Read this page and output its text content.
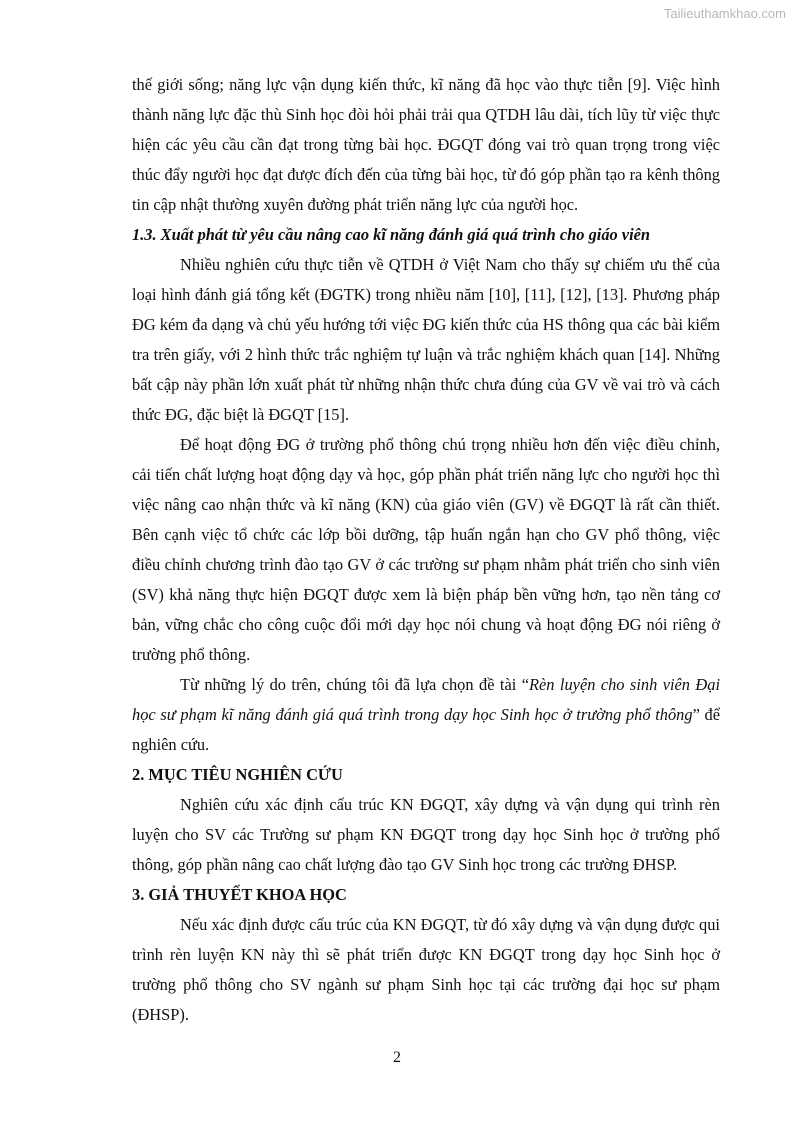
Tailieuthamkhao.com

thế giới sống; năng lực vận dụng kiến thức, kĩ năng đã học vào thực tiễn [9]. Việc hình thành năng lực đặc thù Sinh học đòi hỏi phải trải qua QTDH lâu dài, tích lũy từ việc thực hiện các yêu cầu cần đạt trong từng bài học. ĐGQT đóng vai trò quan trọng trong việc thúc đẩy người học đạt được đích đến của từng bài học, từ đó góp phần tạo ra kênh thông tin cập nhật thường xuyên đường phát triển năng lực của người học.

1.3. Xuất phát từ yêu cầu nâng cao kĩ năng đánh giá quá trình cho giáo viên

Nhiều nghiên cứu thực tiễn về QTDH ở Việt Nam cho thấy sự chiếm ưu thế của loại hình đánh giá tổng kết (ĐGTK) trong nhiều năm [10], [11], [12], [13]. Phương pháp ĐG kém đa dạng và chủ yếu hướng tới việc ĐG kiến thức của HS thông qua các bài kiểm tra trên giấy, với 2 hình thức trắc nghiệm tự luận và trắc nghiệm khách quan [14]. Những bất cập này phần lớn xuất phát từ những nhận thức chưa đúng của GV về vai trò và cách thức ĐG, đặc biệt là ĐGQT [15].

Để hoạt động ĐG ở trường phổ thông chú trọng nhiều hơn đến việc điều chỉnh, cải tiến chất lượng hoạt động dạy và học, góp phần phát triển năng lực cho người học thì việc nâng cao nhận thức và kĩ năng (KN) của giáo viên (GV) về ĐGQT là rất cần thiết. Bên cạnh việc tổ chức các lớp bồi dưỡng, tập huấn ngắn hạn cho GV phổ thông, việc điều chỉnh chương trình đào tạo GV ở các trường sư phạm nhằm phát triển cho sinh viên (SV) khả năng thực hiện ĐGQT được xem là biện pháp bền vững hơn, tạo nền tảng cơ bản, vững chắc cho công cuộc đổi mới dạy học nói chung và hoạt động ĐG nói riêng ở trường phổ thông.

Từ những lý do trên, chúng tôi đã lựa chọn đề tài “Rèn luyện cho sinh viên Đại học sư phạm kĩ năng đánh giá quá trình trong dạy học Sinh học ở trường phổ thông” để nghiên cứu.

2. MỤC TIÊU NGHIÊN CỨU

Nghiên cứu xác định cấu trúc KN ĐGQT, xây dựng và vận dụng qui trình rèn luyện cho SV các Trường sư phạm KN ĐGQT trong dạy học Sinh học ở trường phổ thông, góp phần nâng cao chất lượng đào tạo GV Sinh học trong các trường ĐHSP.

3. GIẢ THUYẾT KHOA HỌC

Nếu xác định được cấu trúc của KN ĐGQT, từ đó xây dựng và vận dụng được qui trình rèn luyện KN này thì sẽ phát triển được KN ĐGQT trong dạy học Sinh học ở trường phổ thông cho SV ngành sư phạm Sinh học tại các trường đại học sư phạm (ĐHSP).

2
